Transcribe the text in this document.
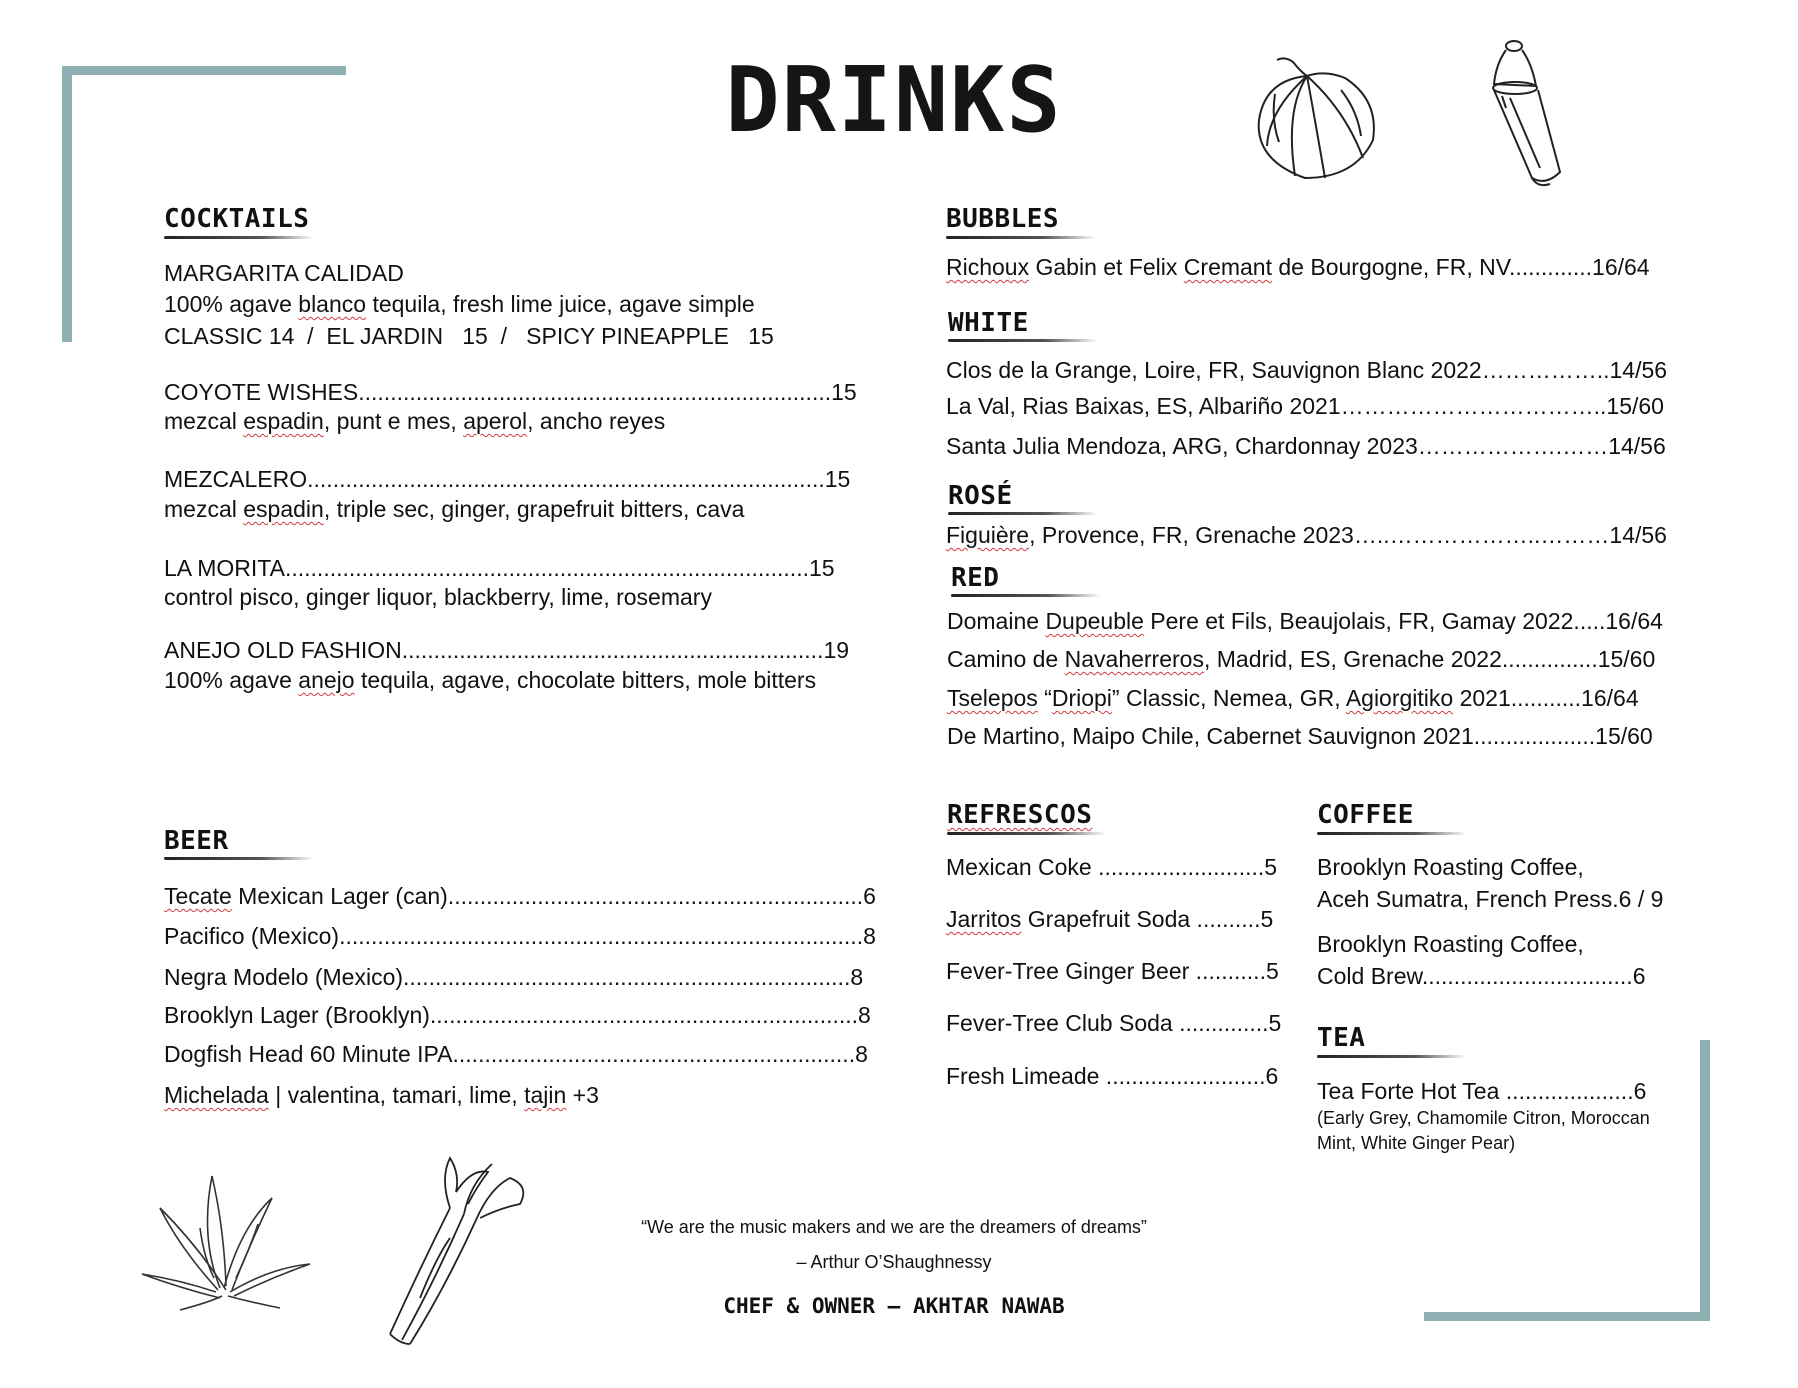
DRINKS
COCKTAILS
MARGARITA CALIDAD
100% agave blanco tequila, fresh lime juice, agave simple
CLASSIC 14  /  EL JARDIN   15  /   SPICY PINEAPPLE   15
COYOTE WISHES..........................................................................15
mezcal espadin, punt e mes, aperol, ancho reyes
MEZCALERO.................................................................................15
mezcal espadin, triple sec, ginger, grapefruit bitters, cava
LA MORITA..................................................................................15
control pisco, ginger liquor, blackberry, lime, rosemary
ANEJO OLD FASHION..................................................................19
100% agave anejo tequila, agave, chocolate bitters, mole bitters
BEER
Tecate Mexican Lager (can).................................................................6
Pacifico (Mexico)..................................................................................8
Negra Modelo (Mexico)......................................................................8
Brooklyn Lager (Brooklyn)...................................................................8
Dogfish Head 60 Minute IPA...............................................................8
Michelada | valentina, tamari, lime, tajin +3
BUBBLES
Richoux Gabin et Felix Cremant de Bourgogne, FR, NV.............16/64
WHITE
Clos de la Grange, Loire, FR, Sauvignon Blanc 2022……………..14/56
La Val, Rias Baixas, ES, Albariño 2021……………………………..15/60
Santa Julia Mendoza, ARG, Chardonnay 2023……………….……14/56
ROSÉ
Figuière, Provence, FR, Grenache 2023…..………………..………14/56
RED
Domaine Dupeuble Pere et Fils, Beaujolais, FR, Gamay 2022.....16/64
Camino de Navaherreros, Madrid, ES, Grenache 2022...............15/60
Tselepos “Driopi” Classic, Nemea, GR, Agiorgitiko 2021...........16/64
De Martino, Maipo Chile, Cabernet Sauvignon 2021...................15/60
REFRESCOS
Mexican Coke ..........................5
Jarritos Grapefruit Soda ..........5
Fever-Tree Ginger Beer ...........5
Fever-Tree Club Soda ..............5
Fresh Limeade .........................6
COFFEE
Brooklyn Roasting Coffee,
Aceh Sumatra, French Press.6 / 9
Brooklyn Roasting Coffee,
Cold Brew.................................6
TEA
Tea Forte Hot Tea ....................6
(Early Grey, Chamomile Citron, Moroccan
Mint, White Ginger Pear)
“We are the music makers and we are the dreamers of dreams”
– Arthur O’Shaughnessy
CHEF & OWNER – AKHTAR NAWAB
